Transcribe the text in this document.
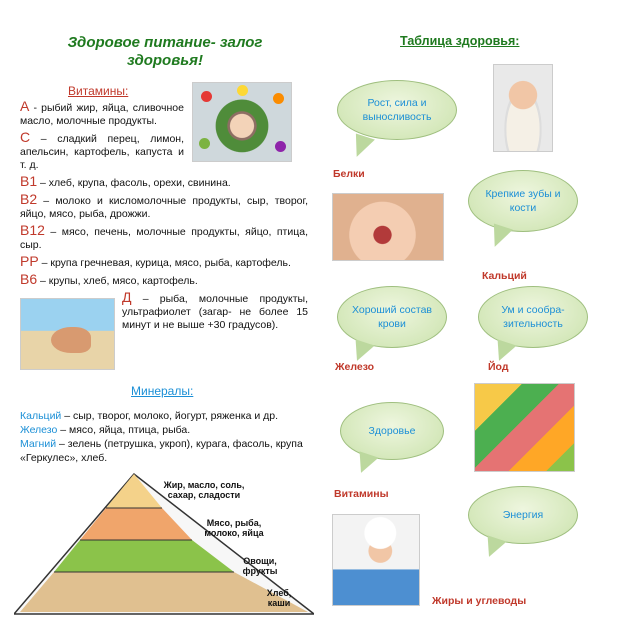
Здоровое питание- залог здоровья!
Витамины:
А - рыбий жир, яйца, сливочное масло, молочные продукты.
С – сладкий перец, лимон, апельсин, картофель, капуста и т. д.
В1 – хлеб, крупа, фасоль, орехи, свинина.
В2 – молоко и кисломолочные продукты, сыр, творог, яйцо, мясо, рыба, дрожжи.
В12 – мясо, печень, молочные продукты, яйцо, птица, сыр.
РР – крупа гречневая, курица, мясо, рыба, картофель.
В6 – крупы, хлеб, мясо, картофель.
Д – рыба, молочные продукты, ультрафиолет (загар- не более 15 минут и не выше +30 градусов).
Минералы:
Кальций – сыр, творог, молоко, йогурт, ряженка и др.
Железо – мясо, яйца, птица, рыба.
Магний – зелень (петрушка, укроп), курага, фасоль, крупа «Геркулес», хлеб.
Жир, масло, соль, сахар, сладости
Мясо, рыба, молоко, яйца
Овощи, фрукты
Хлеб, каши
Таблица здоровья:
Рост, сила и выносливость
Белки
Крепкие зубы и кости
Кальций
Хороший состав крови
Железо
Ум и сообра-зительность
Йод
Здоровье
Витамины
Энергия
Жиры и углеводы
